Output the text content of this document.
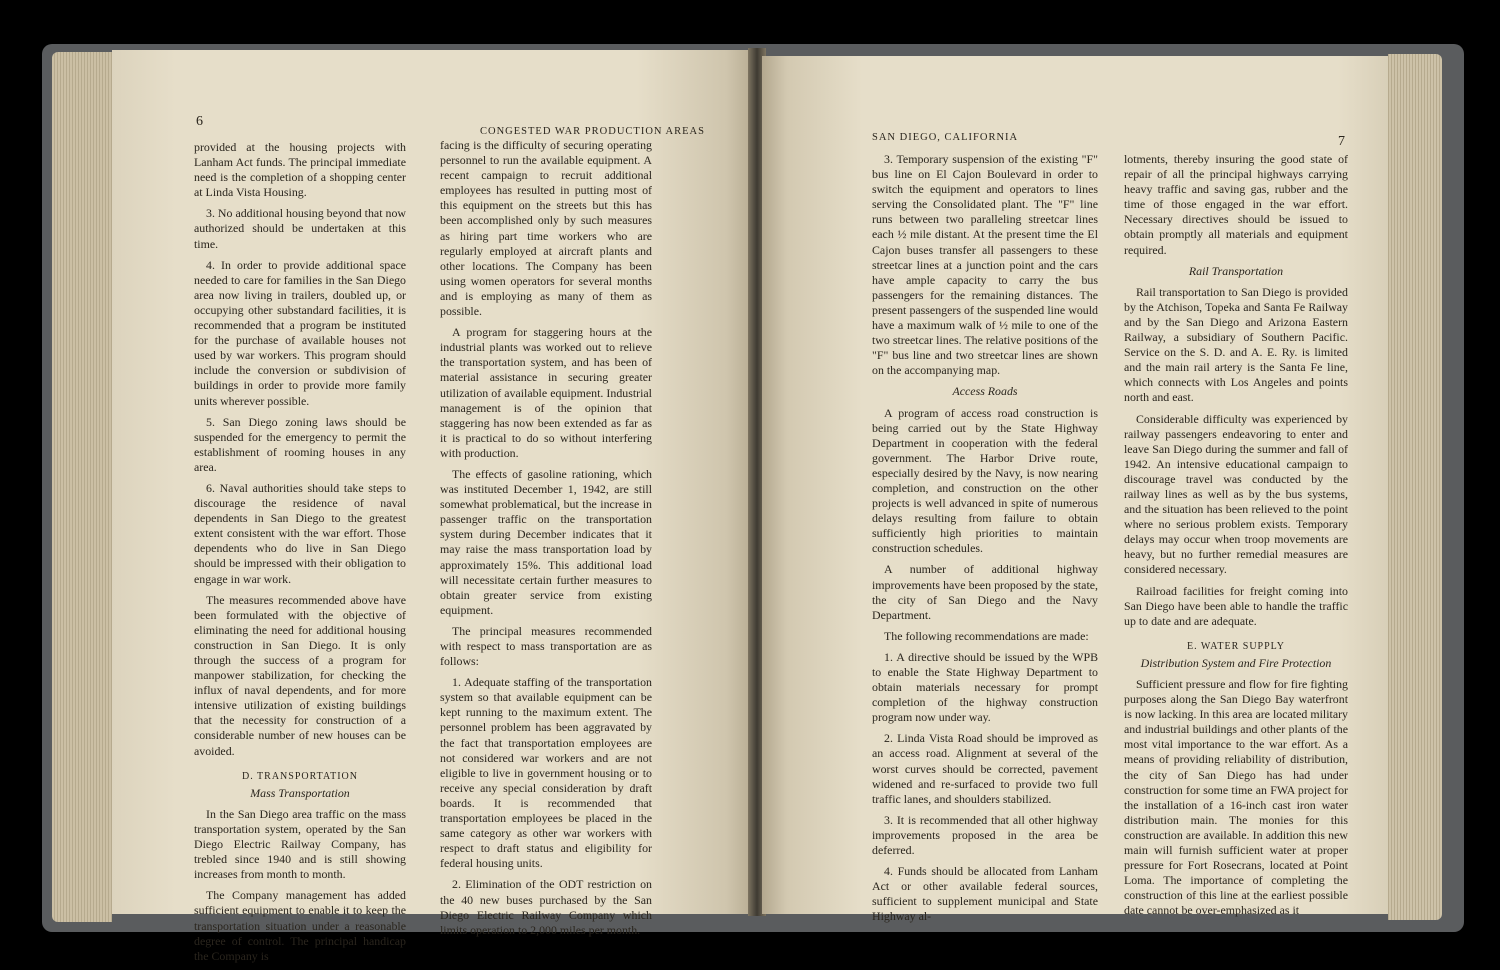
6
CONGESTED WAR PRODUCTION AREAS

provided at the housing projects with Lanham Act funds. The principal immediate need is the completion of a shopping center at Linda Vista Housing.

3. No additional housing beyond that now authorized should be undertaken at this time.

4. In order to provide additional space needed to care for families in the San Diego area now living in trailers, doubled up, or occupying other substandard facilities, it is recommended that a program be instituted for the purchase of available houses not used by war workers. This program should include the conversion or subdivision of buildings in order to provide more family units wherever possible.

5. San Diego zoning laws should be suspended for the emergency to permit the establishment of rooming houses in any area.

6. Naval authorities should take steps to discourage the residence of naval dependents in San Diego to the greatest extent consistent with the war effort. Those dependents who do live in San Diego should be impressed with their obligation to engage in war work.

The measures recommended above have been formulated with the objective of eliminating the need for additional housing construction in San Diego. It is only through the success of a program for manpower stabilization, for checking the influx of naval dependents, and for more intensive utilization of existing buildings that the necessity for construction of a considerable number of new houses can be avoided.

D. TRANSPORTATION

Mass Transportation

In the San Diego area traffic on the mass transportation system, operated by the San Diego Electric Railway Company, has trebled since 1940 and is still showing increases from month to month.

The Company management has added sufficient equipment to enable it to keep the transportation situation under a reasonable degree of control. The principal handicap the Company is

facing is the difficulty of securing operating personnel to run the available equipment. A recent campaign to recruit additional employees has resulted in putting most of this equipment on the streets but this has been accomplished only by such measures as hiring part time workers who are regularly employed at aircraft plants and other locations. The Company has been using women operators for several months and is employing as many of them as possible.

A program for staggering hours at the industrial plants was worked out to relieve the transportation system, and has been of material assistance in securing greater utilization of available equipment. Industrial management is of the opinion that staggering has now been extended as far as it is practical to do so without interfering with production.

The effects of gasoline rationing, which was instituted December 1, 1942, are still somewhat problematical, but the increase in passenger traffic on the transportation system during December indicates that it may raise the mass transportation load by approximately 15%. This additional load will necessitate certain further measures to obtain greater service from existing equipment.

The principal measures recommended with respect to mass transportation are as follows:

1. Adequate staffing of the transportation system so that available equipment can be kept running to the maximum extent. The personnel problem has been aggravated by the fact that transportation employees are not considered war workers and are not eligible to live in government housing or to receive any special consideration by draft boards. It is recommended that transportation employees be placed in the same category as other war workers with respect to draft status and eligibility for federal housing units.

2. Elimination of the ODT restriction on the 40 new buses purchased by the San Diego Electric Railway Company which limits operation to 2,000 miles per month.

SAN DIEGO, CALIFORNIA	7

3. Temporary suspension of the existing "F" bus line on El Cajon Boulevard in order to switch the equipment and operators to lines serving the Consolidated plant. The "F" line runs between two paralleling streetcar lines each ½ mile distant. At the present time the El Cajon buses transfer all passengers to these streetcar lines at a junction point and the cars have ample capacity to carry the bus passengers for the remaining distances. The present passengers of the suspended line would have a maximum walk of ½ mile to one of the two streetcar lines. The relative positions of the "F" bus line and two streetcar lines are shown on the accompanying map.

Access Roads

A program of access road construction is being carried out by the State Highway Department in cooperation with the federal government. The Harbor Drive route, especially desired by the Navy, is now nearing completion, and construction on the other projects is well advanced in spite of numerous delays resulting from failure to obtain sufficiently high priorities to maintain construction schedules.

A number of additional highway improvements have been proposed by the state, the city of San Diego and the Navy Department.

The following recommendations are made:

1. A directive should be issued by the WPB to enable the State Highway Department to obtain materials necessary for prompt completion of the highway construction program now under way.

2. Linda Vista Road should be improved as an access road. Alignment at several of the worst curves should be corrected, pavement widened and re-surfaced to provide two full traffic lanes, and shoulders stabilized.

3. It is recommended that all other highway improvements proposed in the area be deferred.

4. Funds should be allocated from Lanham Act or other available federal sources, sufficient to supplement municipal and State Highway al-

lotments, thereby insuring the good state of repair of all the principal highways carrying heavy traffic and saving gas, rubber and the time of those engaged in the war effort. Necessary directives should be issued to obtain promptly all materials and equipment required.

Rail Transportation

Rail transportation to San Diego is provided by the Atchison, Topeka and Santa Fe Railway and by the San Diego and Arizona Eastern Railway, a subsidiary of Southern Pacific. Service on the S. D. and A. E. Ry. is limited and the main rail artery is the Santa Fe line, which connects with Los Angeles and points north and east.

Considerable difficulty was experienced by railway passengers endeavoring to enter and leave San Diego during the summer and fall of 1942. An intensive educational campaign to discourage travel was conducted by the railway lines as well as by the bus systems, and the situation has been relieved to the point where no serious problem exists. Temporary delays may occur when troop movements are heavy, but no further remedial measures are considered necessary.

Railroad facilities for freight coming into San Diego have been able to handle the traffic up to date and are adequate.

E. WATER SUPPLY

Distribution System and Fire Protection

Sufficient pressure and flow for fire fighting purposes along the San Diego Bay waterfront is now lacking. In this area are located military and industrial buildings and other plants of the most vital importance to the war effort. As a means of providing reliability of distribution, the city of San Diego has had under construction for some time an FWA project for the installation of a 16-inch cast iron water distribution main. The monies for this construction are available. In addition this new main will furnish sufficient water at proper pressure for Fort Rosecrans, located at Point Loma. The importance of completing the construction of this line at the earliest possible date cannot be over-emphasized as it
